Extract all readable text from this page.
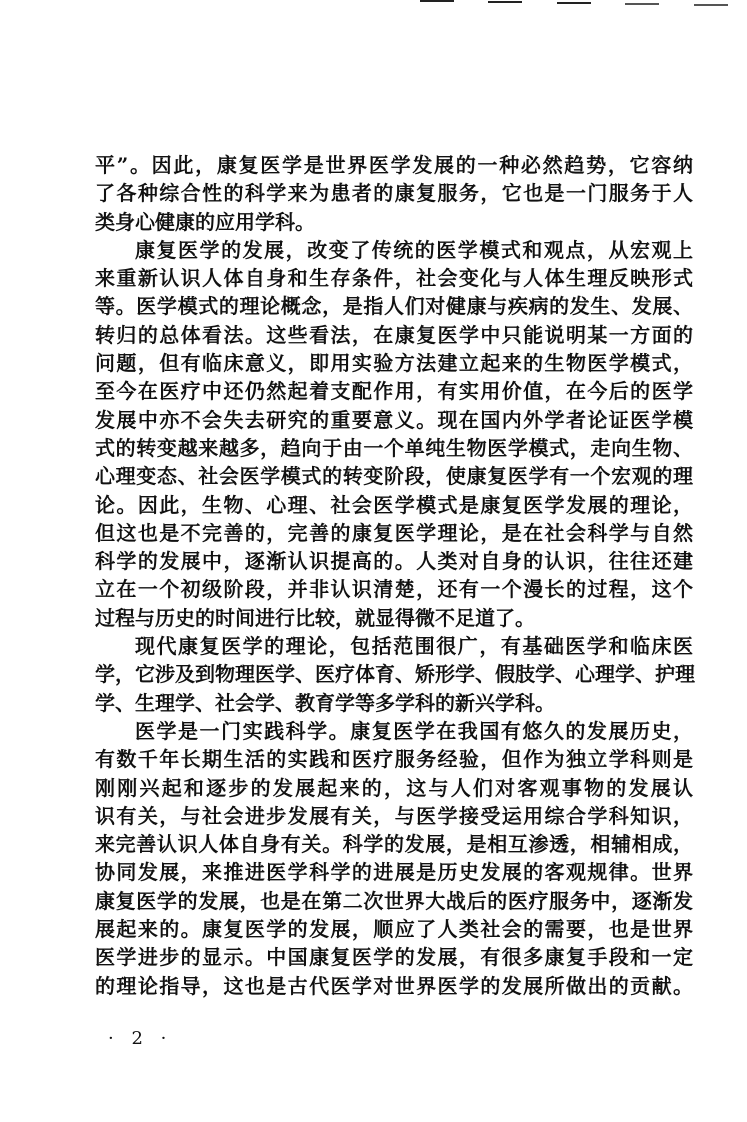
平”。因此，康复医学是世界医学发展的一种必然趋势，它容纳
了各种综合性的科学来为患者的康复服务，它也是一门服务于人
类身心健康的应用学科。
康复医学的发展，改变了传统的医学模式和观点，从宏观上
来重新认识人体自身和生存条件，社会变化与人体生理反映形式
等。医学模式的理论概念，是指人们对健康与疾病的发生、发展、
转归的总体看法。这些看法，在康复医学中只能说明某一方面的
问题，但有临床意义，即用实验方法建立起来的生物医学模式，
至今在医疗中还仍然起着支配作用，有实用价值，在今后的医学
发展中亦不会失去研究的重要意义。现在国内外学者论证医学模
式的转变越来越多，趋向于由一个单纯生物医学模式，走向生物、
心理变态、社会医学模式的转变阶段，使康复医学有一个宏观的理
论。因此，生物、心理、社会医学模式是康复医学发展的理论，
但这也是不完善的，完善的康复医学理论，是在社会科学与自然
科学的发展中，逐渐认识提高的。人类对自身的认识，往往还建
立在一个初级阶段，并非认识清楚，还有一个漫长的过程，这个
过程与历史的时间进行比较，就显得微不足道了。
现代康复医学的理论，包括范围很广，有基础医学和临床医
学，它涉及到物理医学、医疗体育、矫形学、假肢学、心理学、护理
学、生理学、社会学、教育学等多学科的新兴学科。
医学是一门实践科学。康复医学在我国有悠久的发展历史，
有数千年长期生活的实践和医疗服务经验，但作为独立学科则是
刚刚兴起和逐步的发展起来的，这与人们对客观事物的发展认
识有关，与社会进步发展有关，与医学接受运用综合学科知识，
来完善认识人体自身有关。科学的发展，是相互渗透，相辅相成，
协同发展，来推进医学科学的进展是历史发展的客观规律。世界
康复医学的发展，也是在第二次世界大战后的医疗服务中，逐渐发
展起来的。康复医学的发展，顺应了人类社会的需要，也是世界
医学进步的显示。中国康复医学的发展，有很多康复手段和一定
的理论指导，这也是古代医学对世界医学的发展所做出的贡献。
· 2 ·
